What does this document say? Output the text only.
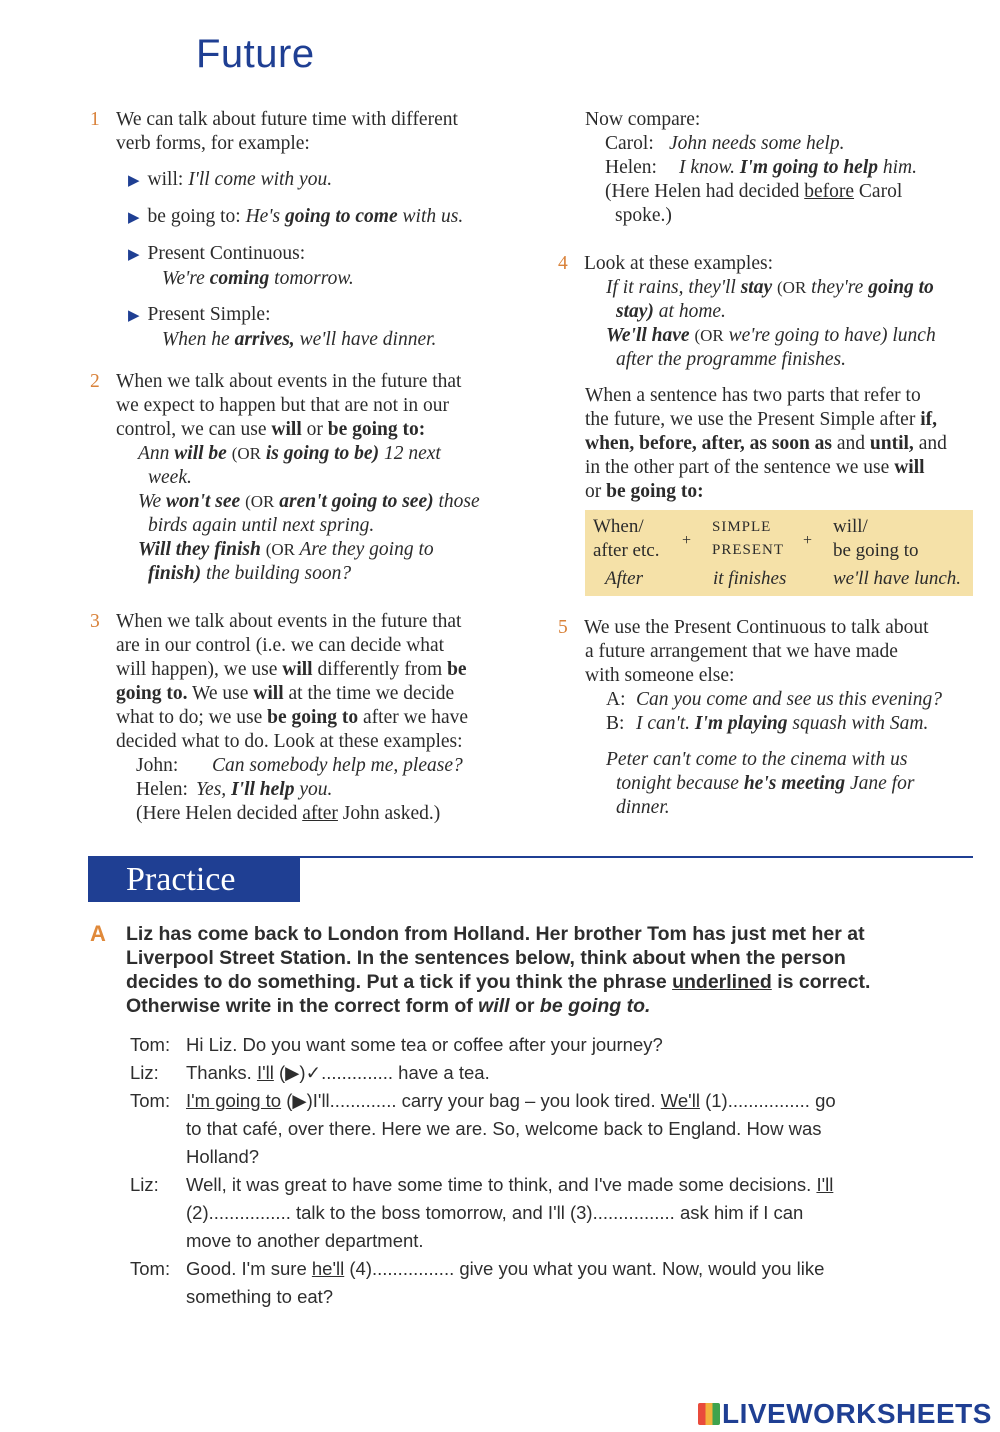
Future
1 We can talk about future time with different
verb forms, for example:
▶ will: I'll come with you.
▶ be going to: He's going to come with us.
▶ Present Continuous:
We're coming tomorrow.
▶ Present Simple:
When he arrives, we'll have dinner.
2 When we talk about events in the future that
we expect to happen but that are not in our
control, we can use will or be going to:
Ann will be (OR is going to be) 12 next
week.
We won't see (OR aren't going to see) those
birds again until next spring.
Will they finish (OR Are they going to
finish) the building soon?
3 When we talk about events in the future that
are in our control (i.e. we can decide what
will happen), we use will differently from be
going to. We use will at the time we decide
what to do; we use be going to after we have
decided what to do. Look at these examples:
John: Can somebody help me, please?
Helen: Yes, I'll help you.
(Here Helen decided after John asked.)
Now compare:
Carol: John needs some help.
Helen: I know. I'm going to help him.
(Here Helen had decided before Carol
spoke.)
4 Look at these examples:
If it rains, they'll stay (OR they're going to
stay) at home.
We'll have (OR we're going to have) lunch
after the programme finishes.
When a sentence has two parts that refer to
the future, we use the Present Simple after if,
when, before, after, as soon as and until, and
in the other part of the sentence we use will
or be going to:
When/
after etc. +
SIMPLE
PRESENT
+
will/
be going to
After	it finishes we'll have lunch.
5 We use the Present Continuous to talk about
a future arrangement that we have made
with someone else:
A: Can you come and see us this evening?
B: I can't. I'm playing squash with Sam.
Peter can't come to the cinema with us
tonight because he's meeting Jane for
dinner.
Practice
A Liz has come back to London from Holland. Her brother Tom has just met her at
Liverpool Street Station. In the sentences below, think about when the person
decides to do something. Put a tick if you think the phrase underlined is correct.
Otherwise write in the correct form of will or be going to.
Tom: Hi Liz. Do you want some tea or coffee after your journey?
Liz: Thanks. I'll (▶)✓.............. have a tea.
Tom: I'm going to (▶)I'll............. carry your bag – you look tired. We'll (1)................ go
to that café, over there. Here we are. So, welcome back to England. How was
Holland?
Liz: Well, it was great to have some time to think, and I've made some decisions. I'll
(2)................ talk to the boss tomorrow, and I'll (3)................ ask him if I can
move to another department.
Tom: Good. I'm sure he'll (4)................ give you what you want. Now, would you like
something to eat?
LIVEWORKSHEETS
